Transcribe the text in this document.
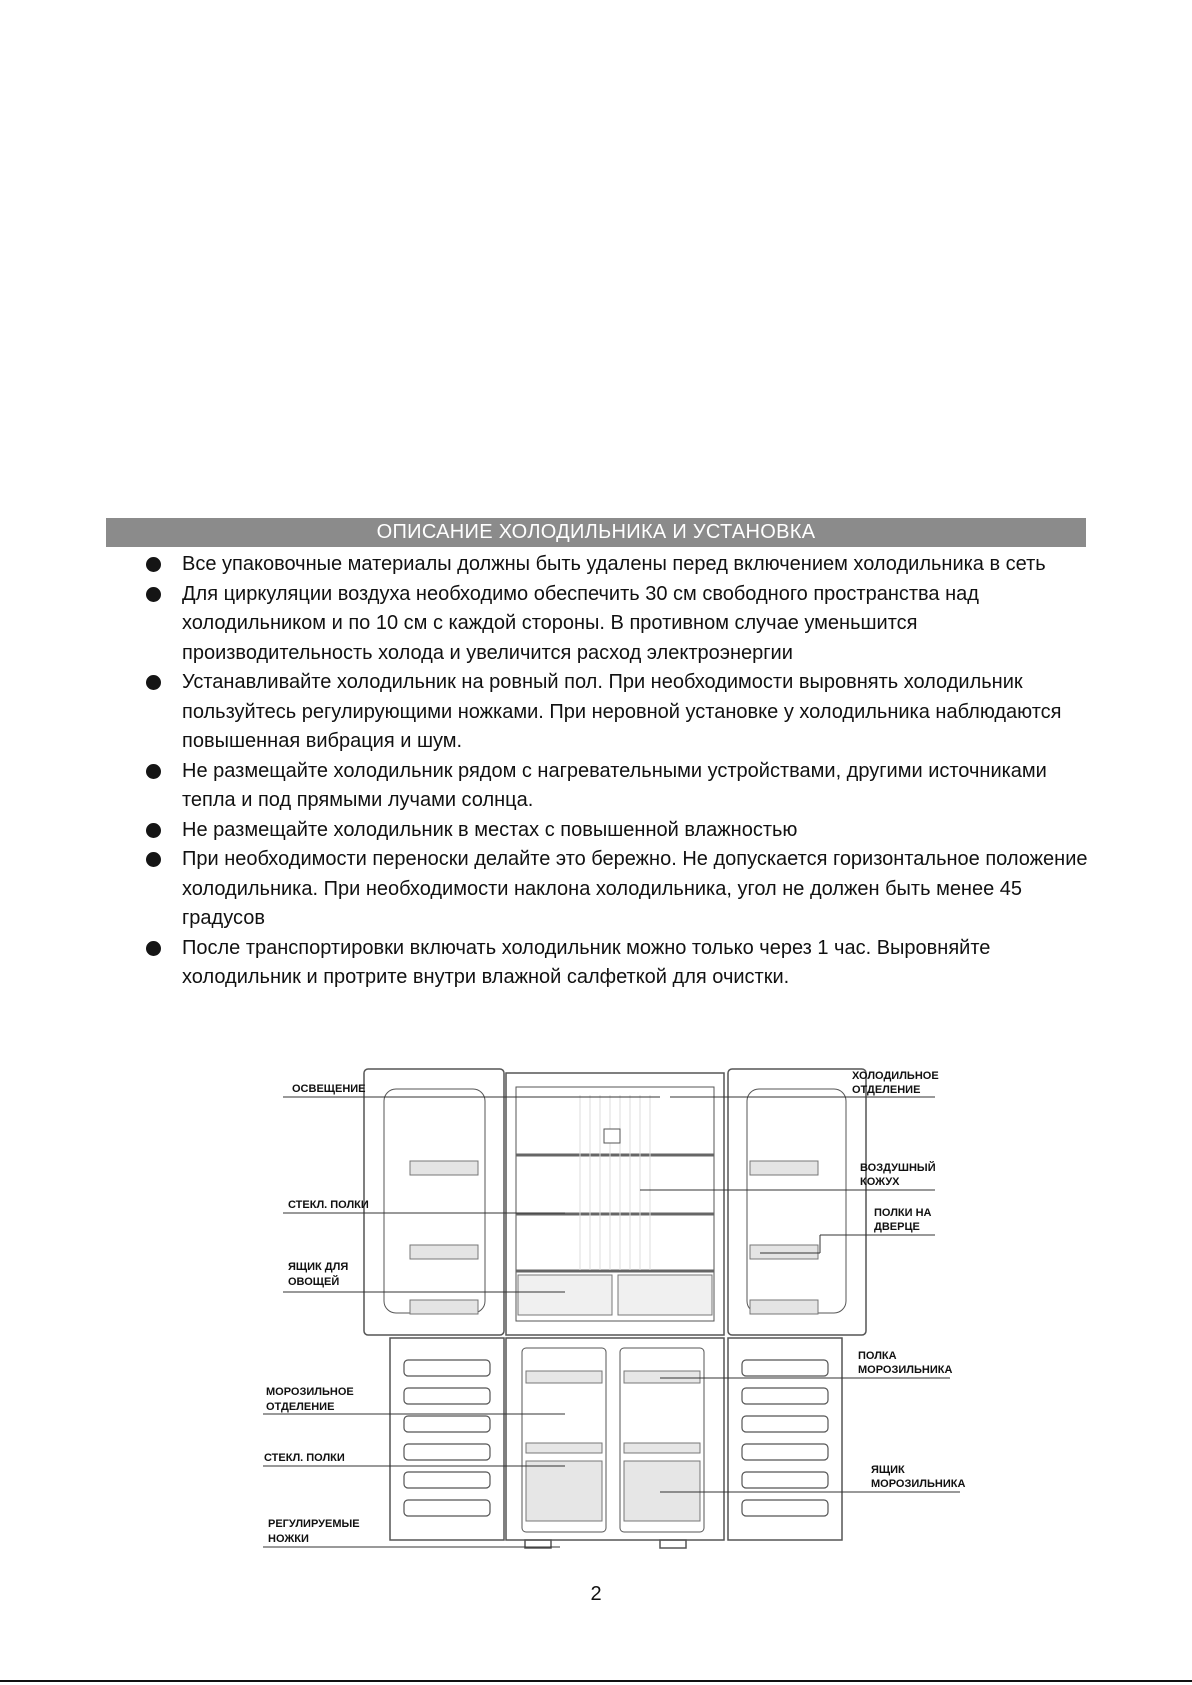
ОПИСАНИЕ ХОЛОДИЛЬНИКА И УСТАНОВКА
Все упаковочные материалы должны быть удалены перед включением холодильника в сеть
Для циркуляции воздуха необходимо обеспечить 30 см свободного пространства над холодильником и по 10 см с каждой стороны. В противном случае уменьшится производительность холода и увеличится расход электроэнергии
Устанавливайте холодильник на ровный пол. При необходимости выровнять холодильник пользуйтесь регулирующими ножками. При неровной установке у холодильника наблюдаются повышенная вибрация и шум.
Не размещайте холодильник рядом с нагревательными устройствами, другими источниками тепла и под прямыми лучами солнца.
Не размещайте холодильник в местах с повышенной влажностью
При необходимости переноски делайте это бережно. Не допускается горизонтальное положение холодильника. При необходимости наклона холодильника, угол не должен быть менее 45 градусов
После транспортировки включать холодильник можно только через 1 час. Выровняйте холодильник и протрите внутри влажной салфеткой для очистки.
ОСВЕЩЕНИЕ
СТЕКЛ. ПОЛКИ
ЯЩИК ДЛЯ
ОВОЩЕЙ
МОРОЗИЛЬНОЕ
ОТДЕЛЕНИЕ
СТЕКЛ. ПОЛКИ
РЕГУЛИРУЕМЫЕ
НОЖКИ
ХОЛОДИЛЬНОЕ
ОТДЕЛЕНИЕ
ВОЗДУШНЫЙ
КОЖУХ
ПОЛКИ НА
ДВЕРЦЕ
ПОЛКА
МОРОЗИЛЬНИКА
ЯЩИК
МОРОЗИЛЬНИКА
2
